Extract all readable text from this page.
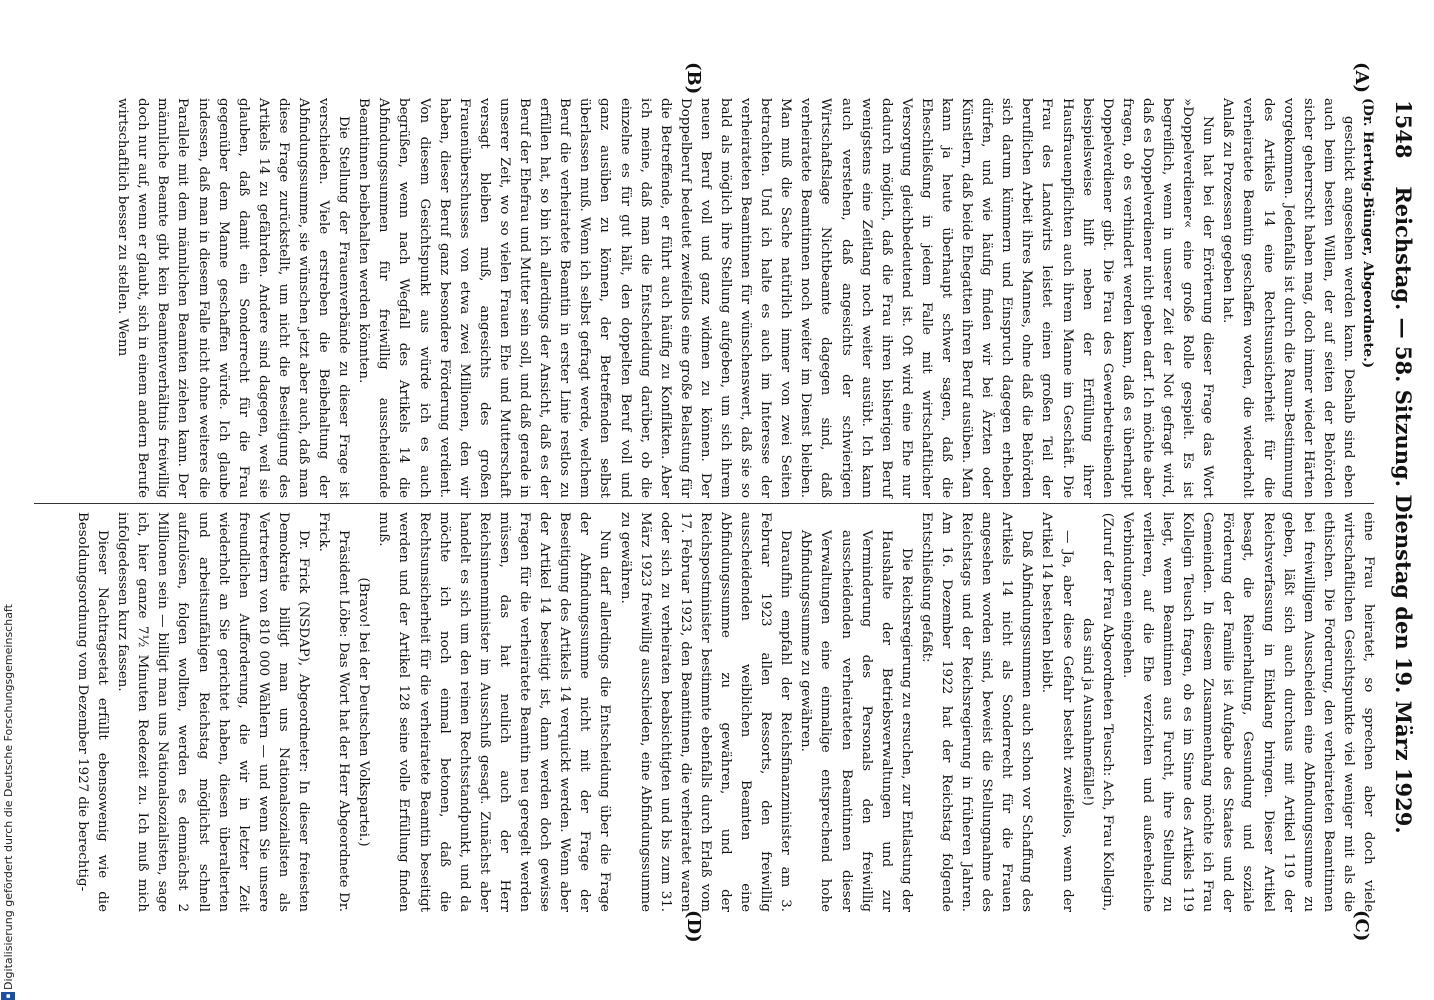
1548
Reichstag. — 58. Sitzung. Dienstag den 19. März 1929.
(A)
(B)
(C)
(D)

(Dr. Hertwig-Bünger, Abgeordnete.)

geschickt angesehen werden kann. Deshalb sind eben auch beim besten Willen, der auf seiten der Behörden sicher geherrscht haben mag, doch immer wieder Härten vorgekommen. Jedenfalls ist durch die Raum-Bestimmung des Artikels 14 eine Rechtsunsicherheit für die verheiratete Beamtin geschaffen worden, die wiederholt Anlaß zu Prozessen gegeben hat.

Nun hat bei der Erörterung dieser Frage das Wort »Doppelverdiener« eine große Rolle gespielt. Es ist begreiflich, wenn in unserer Zeit der Not gefragt wird, daß es Doppelverdiener nicht geben darf. Ich möchte aber fragen, ob es verhindert werden kann, daß es überhaupt Doppelverdiener gibt. Die Frau des Gewerbetreibenden beispielsweise hilft neben der Erfüllung ihrer Hausfrauenpflichten auch ihrem Manne im Geschäft. Die Frau des Landwirts leistet einen großen Teil der beruflichen Arbeit ihres Mannes, ohne daß die Behörden sich darum kümmern und Einspruch dagegen erheben dürfen, und wie häufig finden wir bei Ärzten oder Künstlern, daß beide Ehegatten ihren Beruf ausüben. Man kann ja heute überhaupt schwer sagen, daß die Eheschließung in jedem Falle mit wirtschaftlicher Versorgung gleichbedeutend ist. Oft wird eine Ehe nur dadurch möglich, daß die Frau ihren bisherigen Beruf wenigstens eine Zeitlang noch weiter ausübt. Ich kann auch verstehen, daß angesichts der schwierigen Wirtschaftslage Nichtbeamte dagegen sind, daß verheiratete Beamtinnen noch weiter im Dienst bleiben. Man muß die Sache natürlich immer von zwei Seiten betrachten. Und ich halte es auch im Interesse der verheirateten Beamtinnen für wünschenswert, daß sie so bald als möglich ihre Stellung aufgeben, um sich ihrem neuen Beruf voll und ganz widmen zu können. Der Doppelberuf bedeutet zweifellos eine große Belastung für die Betreffende, er führt auch häufig zu Konflikten. Aber ich meine, daß man die Entscheidung darüber, ob die einzelne es für gut hält, den doppelten Beruf voll und ganz ausüben zu können, der Betreffenden selbst überlassen muß. Wenn ich selbst gefragt werde, welchem Beruf die verheiratete Beamtin in erster Linie restlos zu erfüllen hat, so bin ich allerdings der Ansicht, daß es der Beruf der Ehefrau und Mutter sein soll, und daß gerade in unserer Zeit, wo so vielen Frauen Ehe und Mutterschaft versagt bleiben muß, angesichts des großen Frauenüberschusses von etwa zwei Millionen, den wir haben, dieser Beruf ganz besondere Förderung verdient. Von diesem Gesichtspunkt aus würde ich es auch begrüßen, wenn nach Wegfall des Artikels 14 die Abfindungssummen für freiwillig ausscheidende Beamtinnen beibehalten werden könnten.

Die Stellung der Frauenverbände zu dieser Frage ist verschieden. Viele erstreben die Beibehaltung der Abfindungssumme, sie wünschen jetzt aber auch, daß man diese Frage zurückstellt, um nicht die Beseitigung des Artikels 14 zu gefährden. Andere sind dagegen, weil sie glauben, daß damit ein Sonderrecht für die Frau gegenüber dem Manne geschaffen würde. Ich glaube indessen, daß man in diesem Falle nicht ohne weiteres die Parallele mit dem männlichen Beamten ziehen kann. Der männliche Beamte gibt kein Beamtenverhältnis freiwillig doch nur auf, wenn er glaubt, sich in einem andern Berufe wirtschaftlich besser zu stellen. Wenn

eine Frau heiratet, so sprechen aber doch viele wirtschaftlichen Gesichtspunkte viel weniger mit als die ethischen. Die Forderung, den verheirateten Beamtinnen bei freiwilligem Ausscheiden eine Abfindungssumme zu geben, läßt sich auch durchaus mit Artikel 119 der Reichsverfassung in Einklang bringen. Dieser Artikel besagt, die Reinerhaltung, Gesundung und soziale Förderung der Familie ist Aufgabe des Staates und der Gemeinden. In diesem Zusammenhang möchte ich Frau Kollegin Teusch fragen, ob es im Sinne des Artikels 119 liegt, wenn Beamtinnen aus Furcht, ihre Stellung zu verlieren, auf die Ehe verzichten und außereheliche Verbindungen eingehen.

(Zuruf der Frau Abgeordneten Teusch: Ach, Frau Kollegin, das sind ja Ausnahmefälle!)

— Ja, aber diese Gefahr besteht zweifellos, wenn der Artikel 14 bestehen bleibt.

Daß Abfindungssummen auch schon vor Schaffung des Artikels 14 nicht als Sonderrecht für die Frauen angesehen worden sind, beweist die Stellungnahme des Reichstags und der Reichsregierung in früheren Jahren. Am 16. Dezember 1922 hat der Reichstag folgende Entschließung gefaßt:

Die Reichsregierung zu ersuchen, zur Entlastung der Haushalte der Betriebsverwaltungen und zur Verminderung des Personals den freiwillig ausscheidenden verheirateten Beamtinnen dieser Verwaltungen eine einmalige entsprechend hohe Abfindungssumme zu gewähren.

Daraufhin empfahl der Reichsfinanzminister am 3. Februar 1923 allen Ressorts, den freiwillig ausscheidenden weiblichen Beamten eine Abfindungssumme zu gewähren, und der Reichspostminister bestimmte ebenfalls durch Erlaß vom 17. Februar 1923, den Beamtinnen, die verheiratet waren oder sich zu verheiraten beabsichtigten und bis zum 31. März 1923 freiwillig ausschieden, eine Abfindungssumme zu gewähren.

Nun darf allerdings die Entscheidung über die Frage der Abfindungssumme nicht mit der Frage der Beseitigung des Artikels 14 verquickt werden. Wenn aber der Artikel 14 beseitigt ist, dann werden doch gewisse Fragen für die verheiratete Beamtin neu geregelt werden müssen, das hat neulich auch der Herr Reichsinnenminister im Ausschuß gesagt. Zunächst aber handelt es sich um den reinen Rechtsstandpunkt, und da möchte ich noch einmal betonen, daß die Rechtsunsicherheit für die verheiratete Beamtin beseitigt werden und der Artikel 128 seine volle Erfüllung finden muß.

(Bravo! bei der Deutschen Volkspartei.)

Präsident Löbe: Das Wort hat der Herr Abgeordnete Dr. Frick.

Dr. Frick (NSDAP), Abgeordneter: In dieser freiesten Demokratie billigt man uns Nationalsozialisten als Vertretern von 810 000 Wählern — und wenn Sie unsere freundlichen Aufforderung, die wir in letzter Zeit wiederholt an Sie gerichtet haben, diesen überalterten und arbeitsunfähigen Reichstag möglichst schnell aufzulösen, folgen wollten, werden es demnächst 2 Millionen sein — billigt man uns Nationalsozialisten, sage ich, hier ganze 7½ Minuten Redezeit zu. Ich muß mich infolgedessen kurz fassen.

Dieser Nachtragsetat erfüllt ebensowenig wie die Besoldungsordnung vom Dezember 1927 die berechtig-

▪
Digitalisierung gefördert durch die Deutsche Forschungsgemeinschaft
